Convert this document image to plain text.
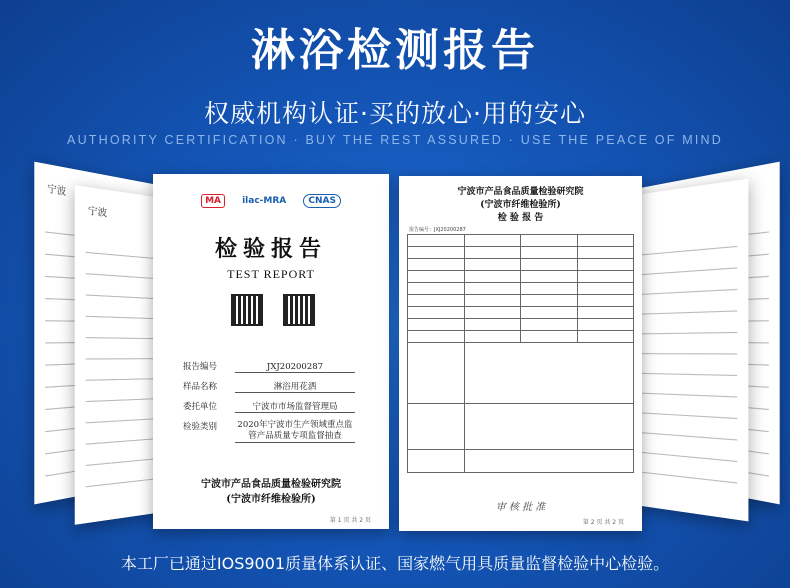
淋浴检测报告
权威机构认证·买的放心·用的安心
AUTHORITY CERTIFICATION · BUY THE REST ASSURED · USE THE PEACE OF MIND
宁波
宁波
MA ilac-MRA CNAS
检验报告
TEST REPORT
报告编号	JXJ20200287
样品名称	淋浴用花洒
委托单位	宁波市市场监督管理局
检验类别 2020年宁波市生产领域重点监管产品质量专项监督抽查
宁波市产品食品质量检验研究院
(宁波市纤维检验所)
第 1 页 共 2 页
宁波市产品食品质量检验研究院
(宁波市纤维检验所)
检 验 报 告
报告编号：JXJ20200287

审 核 批 准
第 2 页 共 2 页
本工厂已通过IOS9001质量体系认证、国家燃气用具质量监督检验中心检验。
